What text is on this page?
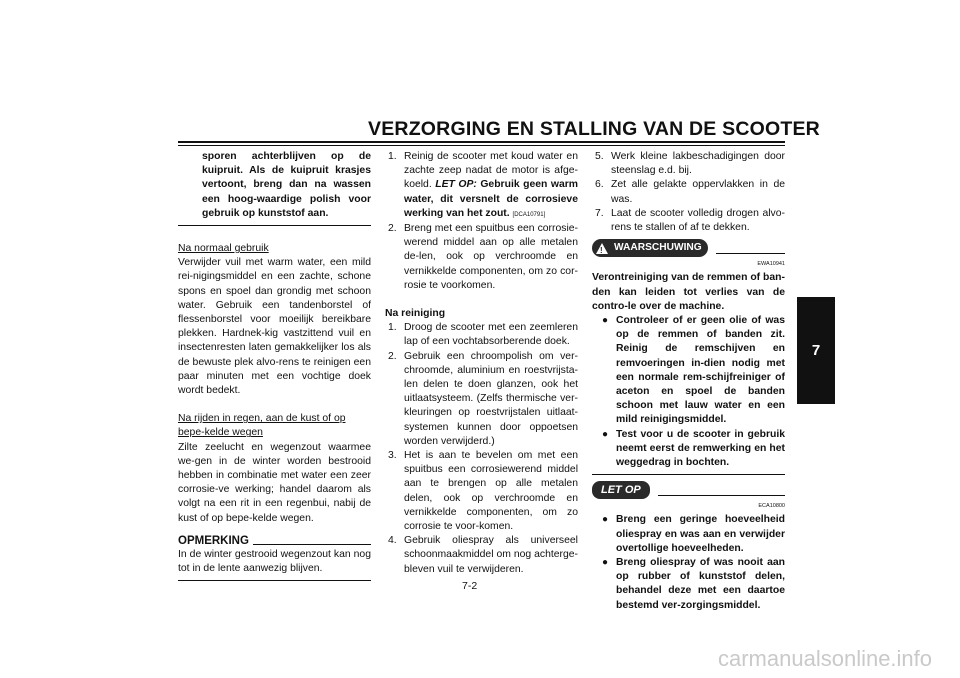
VERZORGING EN STALLING VAN DE SCOOTER
7

sporen achterblijven op de kuipruit. Als de kuipruit krasjes vertoont, breng dan na wassen een hoog-waardige polish voor gebruik op kunststof aan.

Na normaal gebruik

Verwijder vuil met warm water, een mild rei-nigingsmiddel en een zachte, schone spons en spoel dan grondig met schoon water. Gebruik een tandenborstel of flessenborstel voor moeilijk bereikbare plekken. Hardnek-kig vastzittend vuil en insectenresten laten gemakkelijker los als de bewuste plek alvo-rens te reinigen een paar minuten met een vochtige doek wordt bedekt.

Na rijden in regen, aan de kust of op bepe-kelde wegen

Zilte zeelucht en wegenzout waarmee we-gen in de winter worden bestrooid hebben in combinatie met water een zeer corrosie-ve werking; handel daarom als volgt na een rit in een regenbui, nabij de kust of op bepe-kelde wegen.

OPMERKING

In de winter gestrooid wegenzout kan nog tot in de lente aanwezig blijven.

1. Reinig de scooter met koud water en zachte zeep nadat de motor is afge-koeld. LET OP: Gebruik geen warm water, dit versnelt de corrosieve werking van het zout. [DCA10791]
2. Breng met een spuitbus een corrosie-werend middel aan op alle metalen de-len, ook op verchroomde en vernikkelde componenten, om zo cor-rosie te voorkomen.

Na reiniging

1. Droog de scooter met een zeemleren lap of een vochtabsorberende doek.
2. Gebruik een chroompolish om ver-chroomde, aluminium en roestvrijsta-len delen te doen glanzen, ook het uitlaatsysteem. (Zelfs thermische ver-kleuringen op roestvrijstalen uitlaat-systemen kunnen door oppoetsen worden verwijderd.)
3. Het is aan te bevelen om met een spuitbus een corrosiewerend middel aan te brengen op alle metalen delen, ook op verchroomde en vernikkelde componenten, om zo corrosie te voor-komen.
4. Gebruik oliespray als universeel schoonmaakmiddel om nog achterge-bleven vuil te verwijderen.
5. Werk kleine lakbeschadigingen door steenslag e.d. bij.
6. Zet alle gelakte oppervlakken in de was.
7. Laat de scooter volledig drogen alvo-rens te stallen of af te dekken.
! WAARSCHUWING
EWA10941

Verontreiniging van de remmen of ban-den kan leiden tot verlies van de contro-le over de machine.

● Controleer of er geen olie of was op de remmen of banden zit. Reinig de remschijven en remvoeringen in-dien nodig met een normale rem-schijfreiniger of aceton en spoel de banden schoon met lauw water en een mild reinigingsmiddel.
● Test voor u de scooter in gebruik neemt eerst de remwerking en het weggedrag in bochten.
LET OP
ECA10800
● Breng een geringe hoeveelheid oliespray en was aan en verwijder overtollige hoeveelheden.
● Breng oliespray of was nooit aan op rubber of kunststof delen, behandel deze met een daartoe bestemd ver-zorgingsmiddel.
7-2
carmanualsonline.info
